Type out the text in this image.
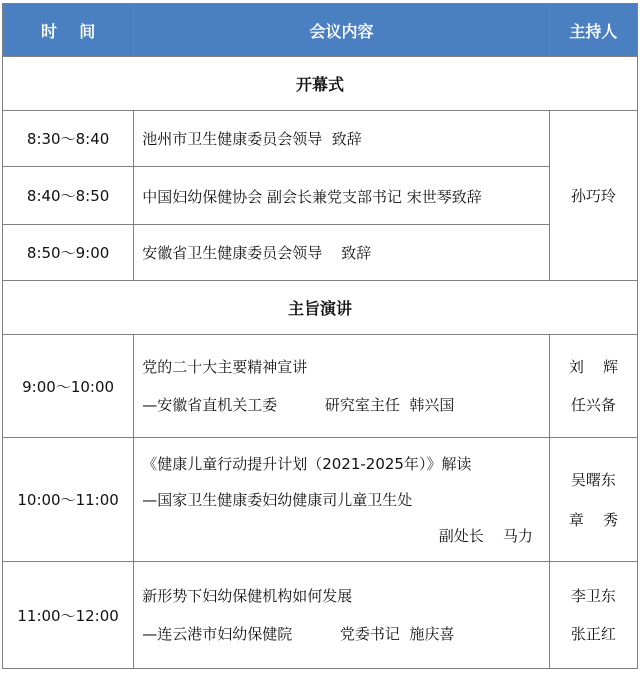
时    间	会议内容	主持人
开幕式		
8:30～8:40	池州市卫生健康委员会领导  致辞	孙巧玲
8:40～8:50	中国妇幼保健协会 副会长兼党支部书记 宋世琴致辞	

8:50～9:00	安徽省卫生健康委员会领导    致辞	

主旨演讲		
9:00～10:00	党的二十大主要精神宣讲
—安徽省直机关工委          研究室主任  韩兴国	刘    辉
任兴备

10:00～11:00	《健康儿童行动提升计划（2021-2025年）》解读
—国家卫生健康委妇幼健康司儿童卫生处
副处长    马力	吴曙东
章    秀

11:00～12:00	新形势下妇幼保健机构如何发展
—连云港市妇幼保健院          党委书记  施庆喜	李卫东
张正红
